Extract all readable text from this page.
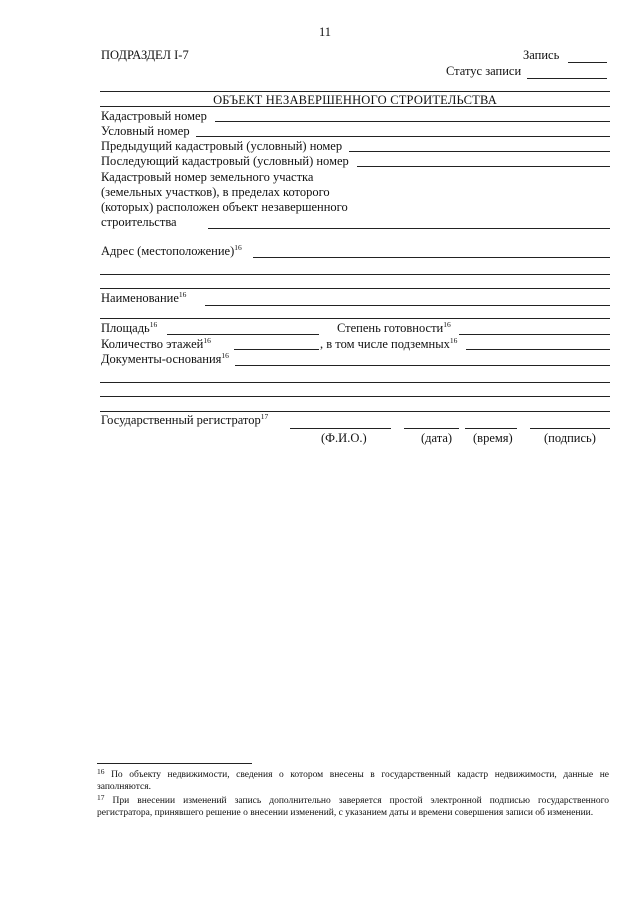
11
ПОДРАЗДЕЛ I-7	Запись
Статус записи
ОБЪЕКТ НЕЗАВЕРШЕННОГО СТРОИТЕЛЬСТВА
Кадастровый номер
Условный номер
Предыдущий кадастровый (условный) номер
Последующий кадастровый (условный) номер
Кадастровый номер земельного участка
(земельных участков), в пределах которого
(которых) расположен объект незавершенного
строительства
Адрес (местоположение)$^{16}$
Наименование$^{16}$
Площадь$^{16}$	Степень готовности$^{16}$
Количество этажей$^{16}$	, в том числе подземных$^{16}$
Документы-основания$^{16}$
Государственный регистратор$^{17}$
(Ф.И.О.)	(дата) (время)	(подпись)
$^{16}$ По объекту недвижимости, сведения о котором внесены в государственный кадастр недвижимости, данные не заполняются.
$^{17}$ При внесении изменений запись дополнительно заверяется простой электронной подписью государственного регистратора, принявшего решение о внесении изменений, с указанием даты и времени совершения записи об изменении.
